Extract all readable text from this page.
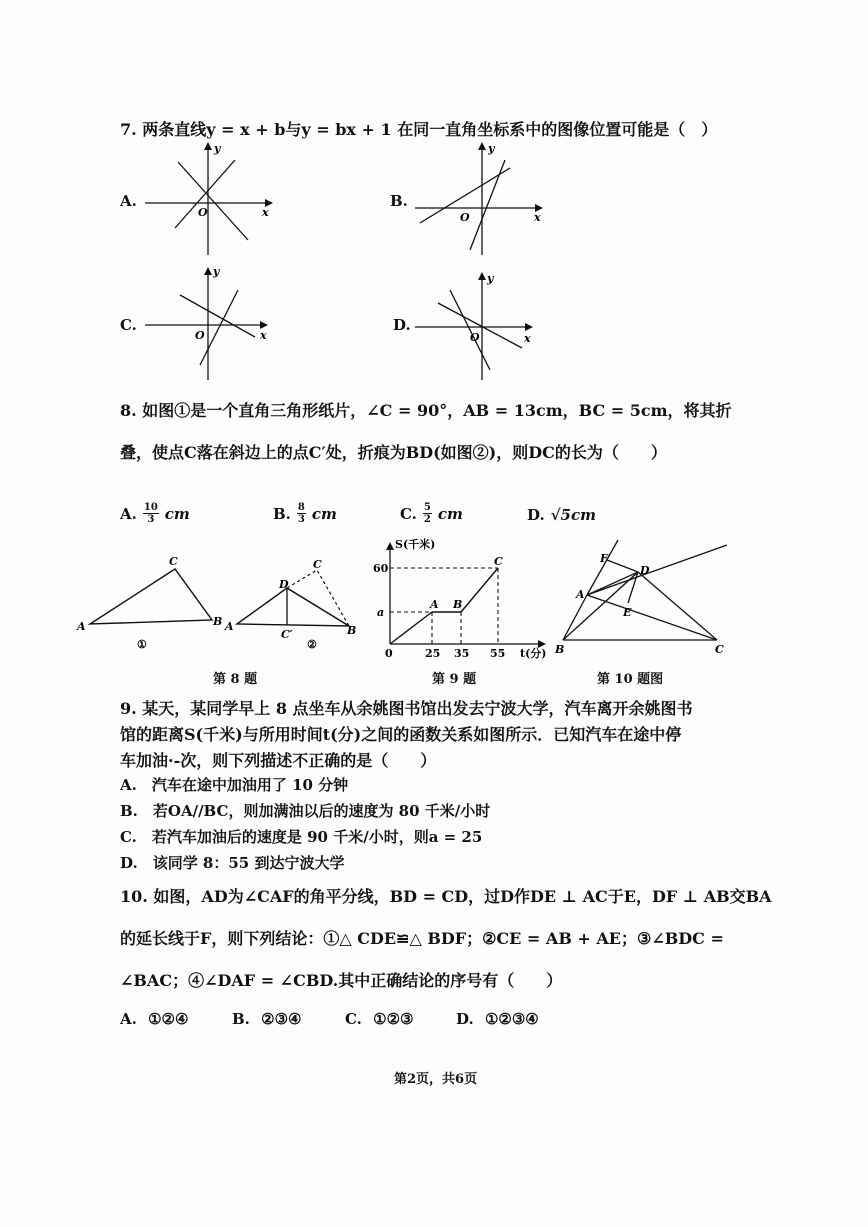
7. 两条直线y = x + b与y = bx + 1 在同一直角坐标系中的图像位置可能是（　）
A.
O	x
y
B.
O	x
y
C.
O	x
y
D.
O	x
y
8. 如图①是一个直角三角形纸片，∠C = 90°，AB = 13cm，BC = 5cm，将其折
叠，使点C落在斜边上的点C′处，折痕为BD(如图②)，则DC的长为（　　）
A. $\frac{10}{3}$ cm	B. $\frac{8}{3}$ cm	C. $\frac{5}{2}$ cm	D. √5cm
A
C
B
①
A
D
C
C′	B
②
S(千米)
t(分)
60
a
0	25 35 55
A B
C	F
D
A
E
B	C
第 8 题	第 9 题	第 10 题图
9. 某天，某同学早上 8 点坐车从余姚图书馆出发去宁波大学，汽车离开余姚图书
馆的距离S(千米)与所用时间t(分)之间的函数关系如图所示．已知汽车在途中停
车加油·-次，则下列描述不正确的是（　　）
A.　汽车在途中加油用了 10 分钟
B.　若OA//BC，则加满油以后的速度为 80 千米/小时
C.　若汽车加油后的速度是 90 千米/小时，则a = 25
D.　该同学 8：55 到达宁波大学
10. 如图，AD为∠CAF的角平分线，BD = CD，过D作DE ⊥ AC于E，DF ⊥ AB交BA
的延长线于F，则下列结论：①△ CDE≌△ BDF；②CE = AB + AE；③∠BDC =
∠BAC；④∠DAF = ∠CBD.其中正确结论的序号有（　　）
A. ①②④	B. ②③④	C. ①②③	D. ①②③④
第2页，共6页
